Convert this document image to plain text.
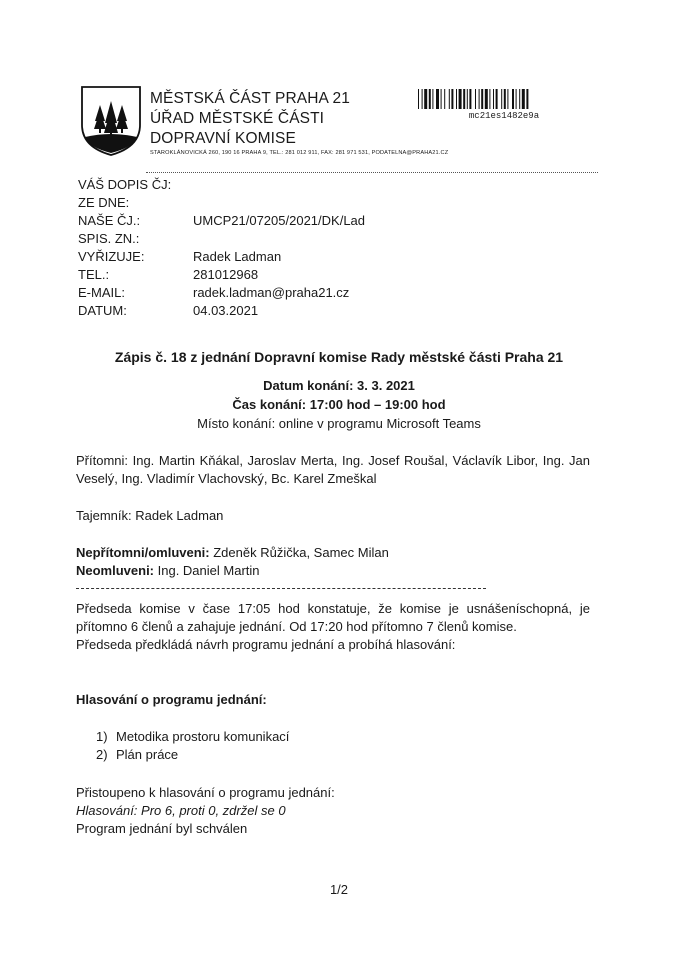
MĚSTSKÁ ČÁST PRAHA 21
ÚŘAD MĚSTSKÉ ČÁSTI
DOPRAVNÍ KOMISE
STAROKLÁNOVICKÁ 260, 190 16 PRAHA 9, TEL.: 281 012 911, FAX: 281 971 531, PODATELNA@PRAHA21.CZ
mc21es1482e9a
VÁŠ DOPIS ČJ:
ZE DNE:
NAŠE ČJ.:	UMCP21/07205/2021/DK/Lad
SPIS. ZN.:
VYŘIZUJE:	Radek Ladman
TEL.:	281012968
E-MAIL:	radek.ladman@praha21.cz
DATUM:	04.03.2021
Zápis č. 18 z jednání Dopravní komise Rady městské části Praha 21
Datum konání: 3. 3. 2021
Čas konání: 17:00 hod – 19:00 hod
Místo konání: online v programu Microsoft Teams
Přítomni: Ing. Martin Kňákal, Jaroslav Merta, Ing. Josef Roušal, Václavík Libor, Ing. Jan Veselý, Ing. Vladimír Vlachovský, Bc. Karel Zmeškal
Tajemník: Radek Ladman
Nepřítomni/omluveni: Zdeněk Růžička, Samec Milan
Neomluveni: Ing. Daniel Martin
Předseda komise v čase 17:05 hod konstatuje, že komise je usnášeníschopná, je přítomno 6 členů a zahajuje jednání. Od 17:20 hod přítomno 7 členů komise.
Předseda předkládá návrh programu jednání a probíhá hlasování:
Hlasování o programu jednání:
1) Metodika prostoru komunikací
2) Plán práce
Přistoupeno k hlasování o programu jednání:
Hlasování: Pro 6, proti 0, zdržel se 0
Program jednání byl schválen
1/2
